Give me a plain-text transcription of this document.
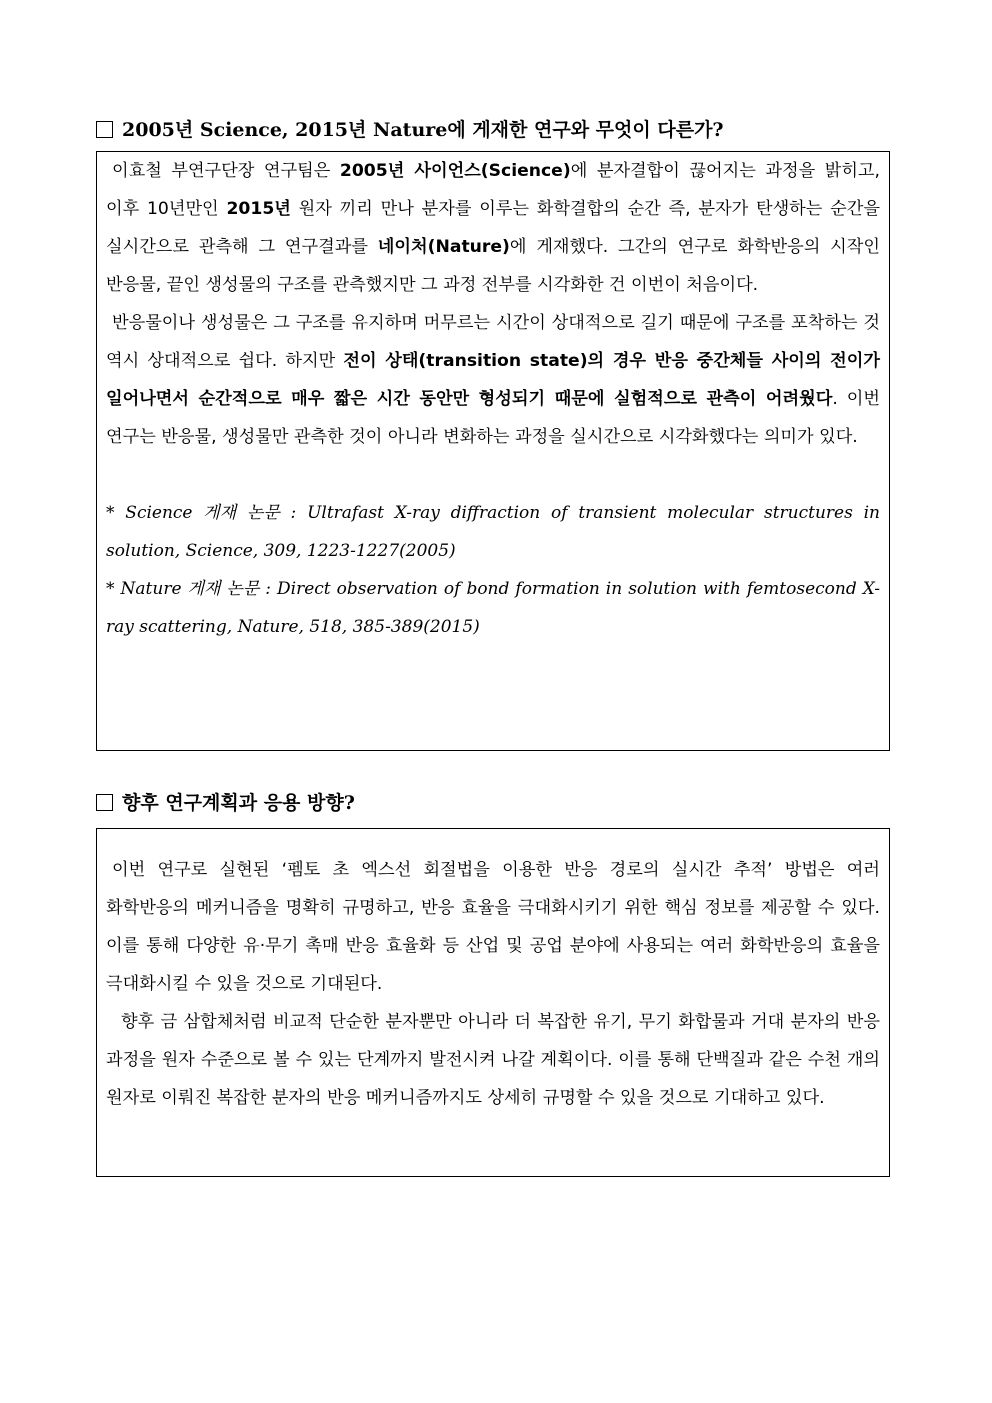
2005년 Science, 2015년 Nature에 게재한 연구와 무엇이 다른가?

이효철 부연구단장 연구팀은 2005년 사이언스(Science)에 분자결합이 끊어지는 과정을 밝히고, 이후 10년만인 2015년 원자 끼리 만나 분자를 이루는 화학결합의 순간 즉, 분자가 탄생하는 순간을 실시간으로 관측해 그 연구결과를 네이처(Nature)에 게재했다. 그간의 연구로 화학반응의 시작인 반응물, 끝인 생성물의 구조를 관측했지만 그 과정 전부를 시각화한 건 이번이 처음이다.

반응물이나 생성물은 그 구조를 유지하며 머무르는 시간이 상대적으로 길기 때문에 구조를 포착하는 것 역시 상대적으로 쉽다. 하지만 전이 상태(transition state)의 경우 반응 중간체들 사이의 전이가 일어나면서 순간적으로 매우 짧은 시간 동안만 형성되기 때문에 실험적으로 관측이 어려웠다. 이번 연구는 반응물, 생성물만 관측한 것이 아니라 변화하는 과정을 실시간으로 시각화했다는 의미가 있다.

* Science 게재 논문 : Ultrafast X-ray diffraction of transient molecular structures in solution, Science, 309, 1223-1227(2005)

* Nature 게재 논문 : Direct observation of bond formation in solution with femtosecond X-ray scattering, Nature, 518, 385-389(2015)

향후 연구계획과 응용 방향?

이번 연구로 실현된 ‘펨토 초 엑스선 회절법을 이용한 반응 경로의 실시간 추적’ 방법은 여러 화학반응의 메커니즘을 명확히 규명하고, 반응 효율을 극대화시키기 위한 핵심 정보를 제공할 수 있다. 이를 통해 다양한 유·무기 촉매 반응 효율화 등 산업 및 공업 분야에 사용되는 여러 화학반응의 효율을 극대화시킬 수 있을 것으로 기대된다.

향후 금 삼합체처럼 비교적 단순한 분자뿐만 아니라 더 복잡한 유기, 무기 화합물과 거대 분자의 반응 과정을 원자 수준으로 볼 수 있는 단계까지 발전시켜 나갈 계획이다. 이를 통해 단백질과 같은 수천 개의 원자로 이뤄진 복잡한 분자의 반응 메커니즘까지도 상세히 규명할 수 있을 것으로 기대하고 있다.
